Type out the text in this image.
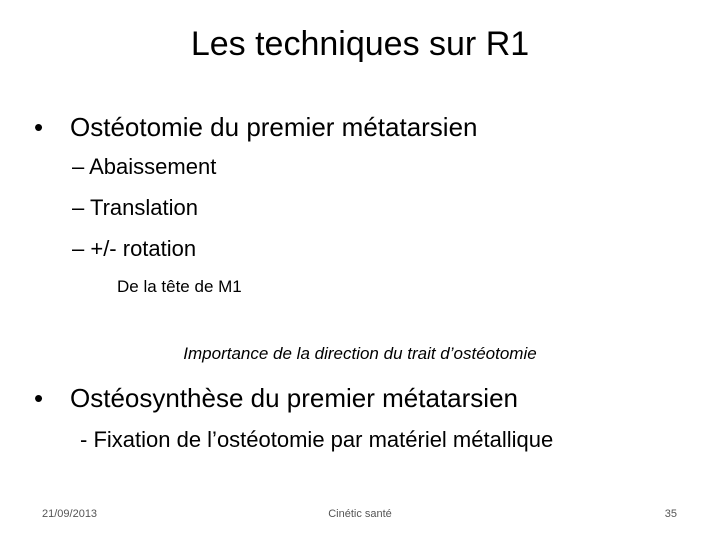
Les techniques sur R1
• Ostéotomie du premier métatarsien
– Abaissement
– Translation
– +/- rotation
De la tête de M1
Importance de la direction du trait d’ostéotomie
• Ostéosynthèse du premier métatarsien
- Fixation de l’ostéotomie par matériel métallique
21/09/2013	Cinétic santé	35
